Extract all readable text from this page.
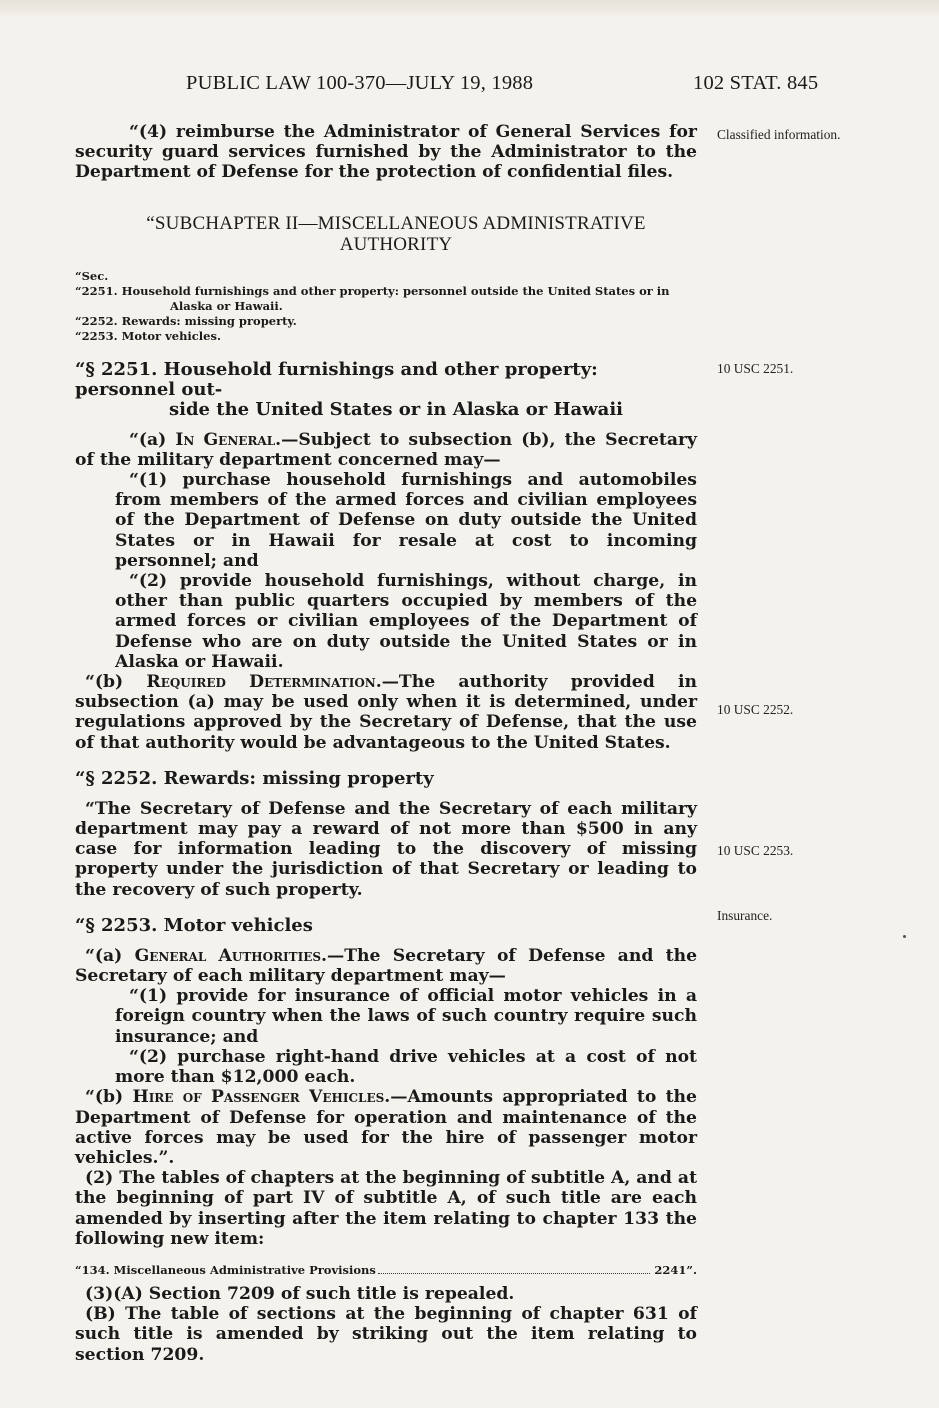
PUBLIC LAW 100-370—JULY 19, 1988	102 STAT. 845

“(4) reimburse the Administrator of General Services for security guard services furnished by the Administrator to the Department of Defense for the protection of confidential files.

“SUBCHAPTER II—MISCELLANEOUS ADMINISTRATIVE AUTHORITY
“Sec.
“2251. Household furnishings and other property: personnel outside the United States or in Alaska or Hawaii.
“2252. Rewards: missing property.
“2253. Motor vehicles.
“§ 2251. Household furnishings and other property: personnel out-
side the United States or in Alaska or Hawaii

“(a) In General.—Subject to subsection (b), the Secretary of the military department concerned may—

“(1) purchase household furnishings and automobiles from members of the armed forces and civilian employees of the Department of Defense on duty outside the United States or in Hawaii for resale at cost to incoming personnel; and

“(2) provide household furnishings, without charge, in other than public quarters occupied by members of the armed forces or civilian employees of the Department of Defense who are on duty outside the United States or in Alaska or Hawaii.

“(b) Required Determination.—The authority provided in subsection (a) may be used only when it is determined, under regulations approved by the Secretary of Defense, that the use of that authority would be advantageous to the United States.

“§ 2252. Rewards: missing property

“The Secretary of Defense and the Secretary of each military department may pay a reward of not more than $500 in any case for information leading to the discovery of missing property under the jurisdiction of that Secretary or leading to the recovery of such property.

“§ 2253. Motor vehicles

“(a) General Authorities.—The Secretary of Defense and the Secretary of each military department may—

“(1) provide for insurance of official motor vehicles in a foreign country when the laws of such country require such insurance; and

“(2) purchase right-hand drive vehicles at a cost of not more than $12,000 each.

“(b) Hire of Passenger Vehicles.—Amounts appropriated to the Department of Defense for operation and maintenance of the active forces may be used for the hire of passenger motor vehicles.”.

(2) The tables of chapters at the beginning of subtitle A, and at the beginning of part IV of subtitle A, of such title are each amended by inserting after the item relating to chapter 133 the following new item:

“134. Miscellaneous Administrative Provisions	2241”.

(3)(A) Section 7209 of such title is repealed.

(B) The table of sections at the beginning of chapter 631 of such title is amended by striking out the item relating to section 7209.

Classified information.
10 USC 2251.
10 USC 2252.
10 USC 2253.
Insurance.
